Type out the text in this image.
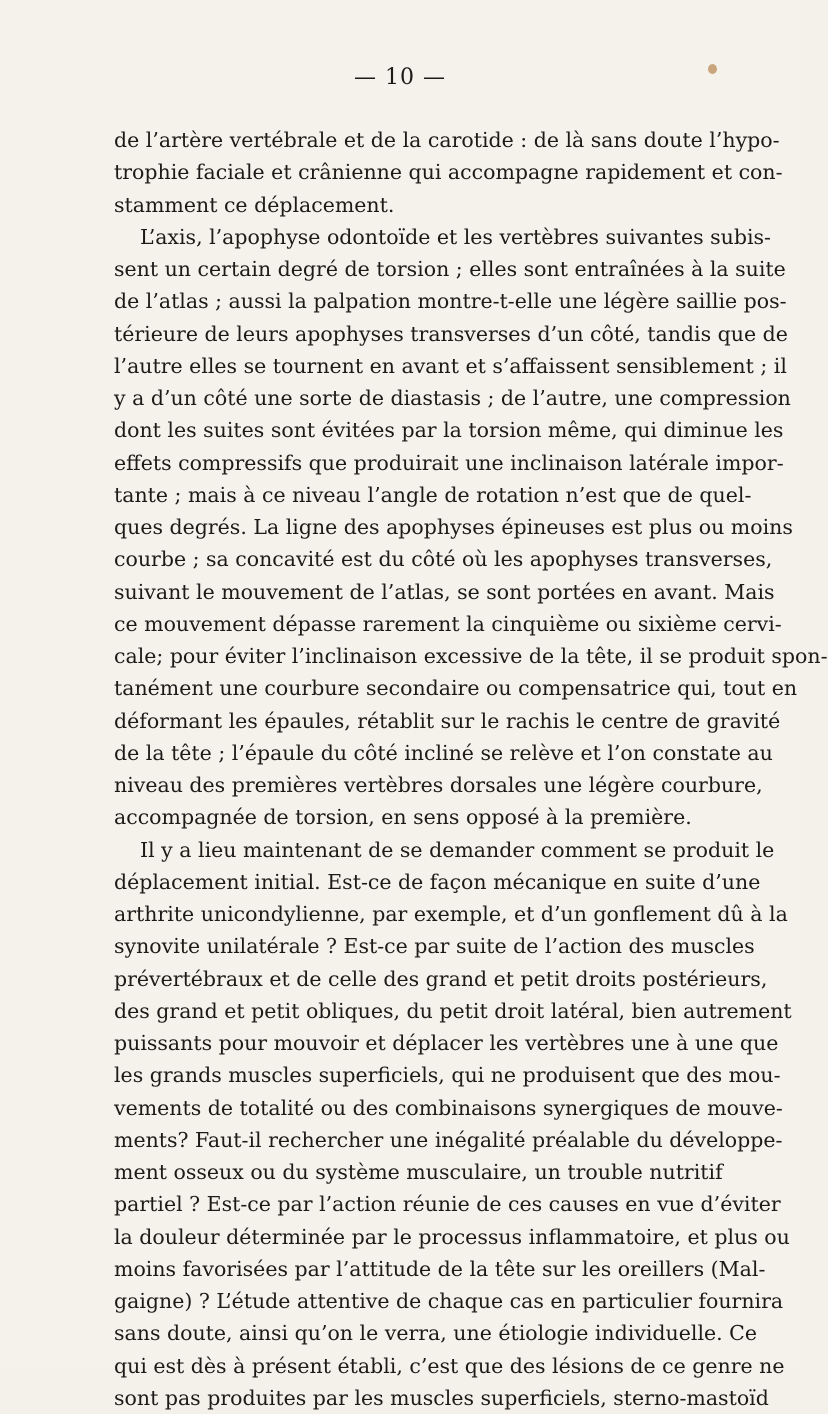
— 10 —
de l’artère vertébrale et de la carotide : de là sans doute l’hypo-
trophie faciale et crânienne qui accompagne rapidement et con-
stamment ce déplacement.
L’axis, l’apophyse odontoïde et les vertèbres suivantes subis-
sent un certain degré de torsion ; elles sont entraînées à la suite
de l’atlas ; aussi la palpation montre-t-elle une légère saillie pos-
térieure de leurs apophyses transverses d’un côté, tandis que de
l’autre elles se tournent en avant et s’affaissent sensiblement ; il
y a d’un côté une sorte de diastasis ; de l’autre, une compression
dont les suites sont évitées par la torsion même, qui diminue les
effets compressifs que produirait une inclinaison latérale impor-
tante ; mais à ce niveau l’angle de rotation n’est que de quel-
ques degrés. La ligne des apophyses épineuses est plus ou moins
courbe ; sa concavité est du côté où les apophyses transverses,
suivant le mouvement de l’atlas, se sont portées en avant. Mais
ce mouvement dépasse rarement la cinquième ou sixième cervi-
cale; pour éviter l’inclinaison excessive de la tête, il se produit spon-
tanément une courbure secondaire ou compensatrice qui, tout en
déformant les épaules, rétablit sur le rachis le centre de gravité
de la tête ; l’épaule du côté incliné se relève et l’on constate au
niveau des premières vertèbres dorsales une légère courbure,
accompagnée de torsion, en sens opposé à la première.
Il y a lieu maintenant de se demander comment se produit le
déplacement initial. Est-ce de façon mécanique en suite d’une
arthrite unicondylienne, par exemple, et d’un gonflement dû à la
synovite unilatérale ? Est-ce par suite de l’action des muscles
prévertébraux et de celle des grand et petit droits postérieurs,
des grand et petit obliques, du petit droit latéral, bien autrement
puissants pour mouvoir et déplacer les vertèbres une à une que
les grands muscles superficiels, qui ne produisent que des mou-
vements de totalité ou des combinaisons synergiques de mouve-
ments? Faut-il rechercher une inégalité préalable du développe-
ment osseux ou du système musculaire, un trouble nutritif
partiel ? Est-ce par l’action réunie de ces causes en vue d’éviter
la douleur déterminée par le processus inflammatoire, et plus ou
moins favorisées par l’attitude de la tête sur les oreillers (Mal-
gaigne) ? L’étude attentive de chaque cas en particulier fournira
sans doute, ainsi qu’on le verra, une étiologie individuelle. Ce
qui est dès à présent établi, c’est que des lésions de ce genre ne
sont pas produites par les muscles superficiels, sterno-mastoïd
